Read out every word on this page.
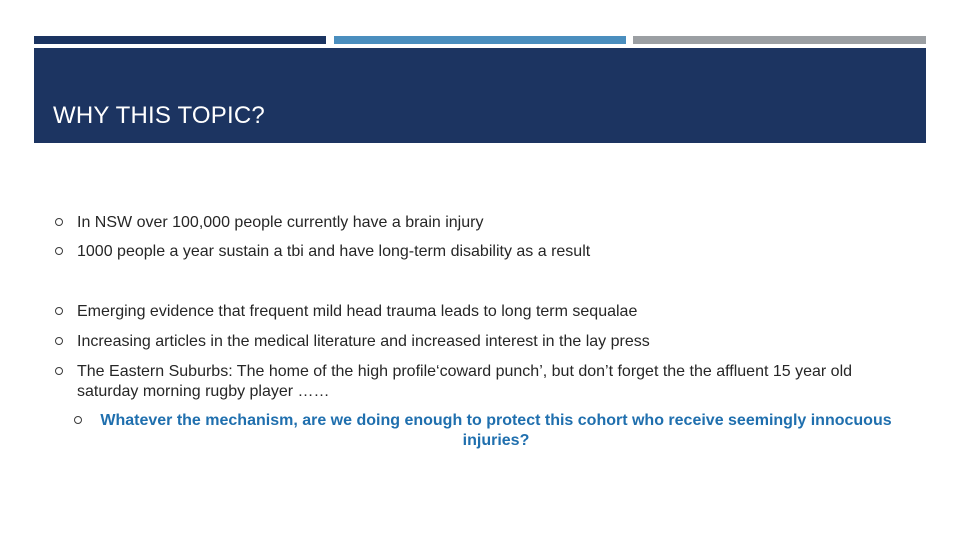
WHY THIS TOPIC?
In NSW over 100,000 people currently have a brain injury
1000 people a year sustain a tbi and have long-term disability as a result
Emerging evidence that frequent mild head trauma leads to long term sequalae
Increasing articles in the medical literature and increased interest in the lay press
The Eastern Suburbs: The home of the high profile‘coward punch’, but don’t forget the the affluent 15 year old saturday morning rugby player ……
Whatever the mechanism, are we doing enough to protect this cohort who receive seemingly innocuous injuries?
